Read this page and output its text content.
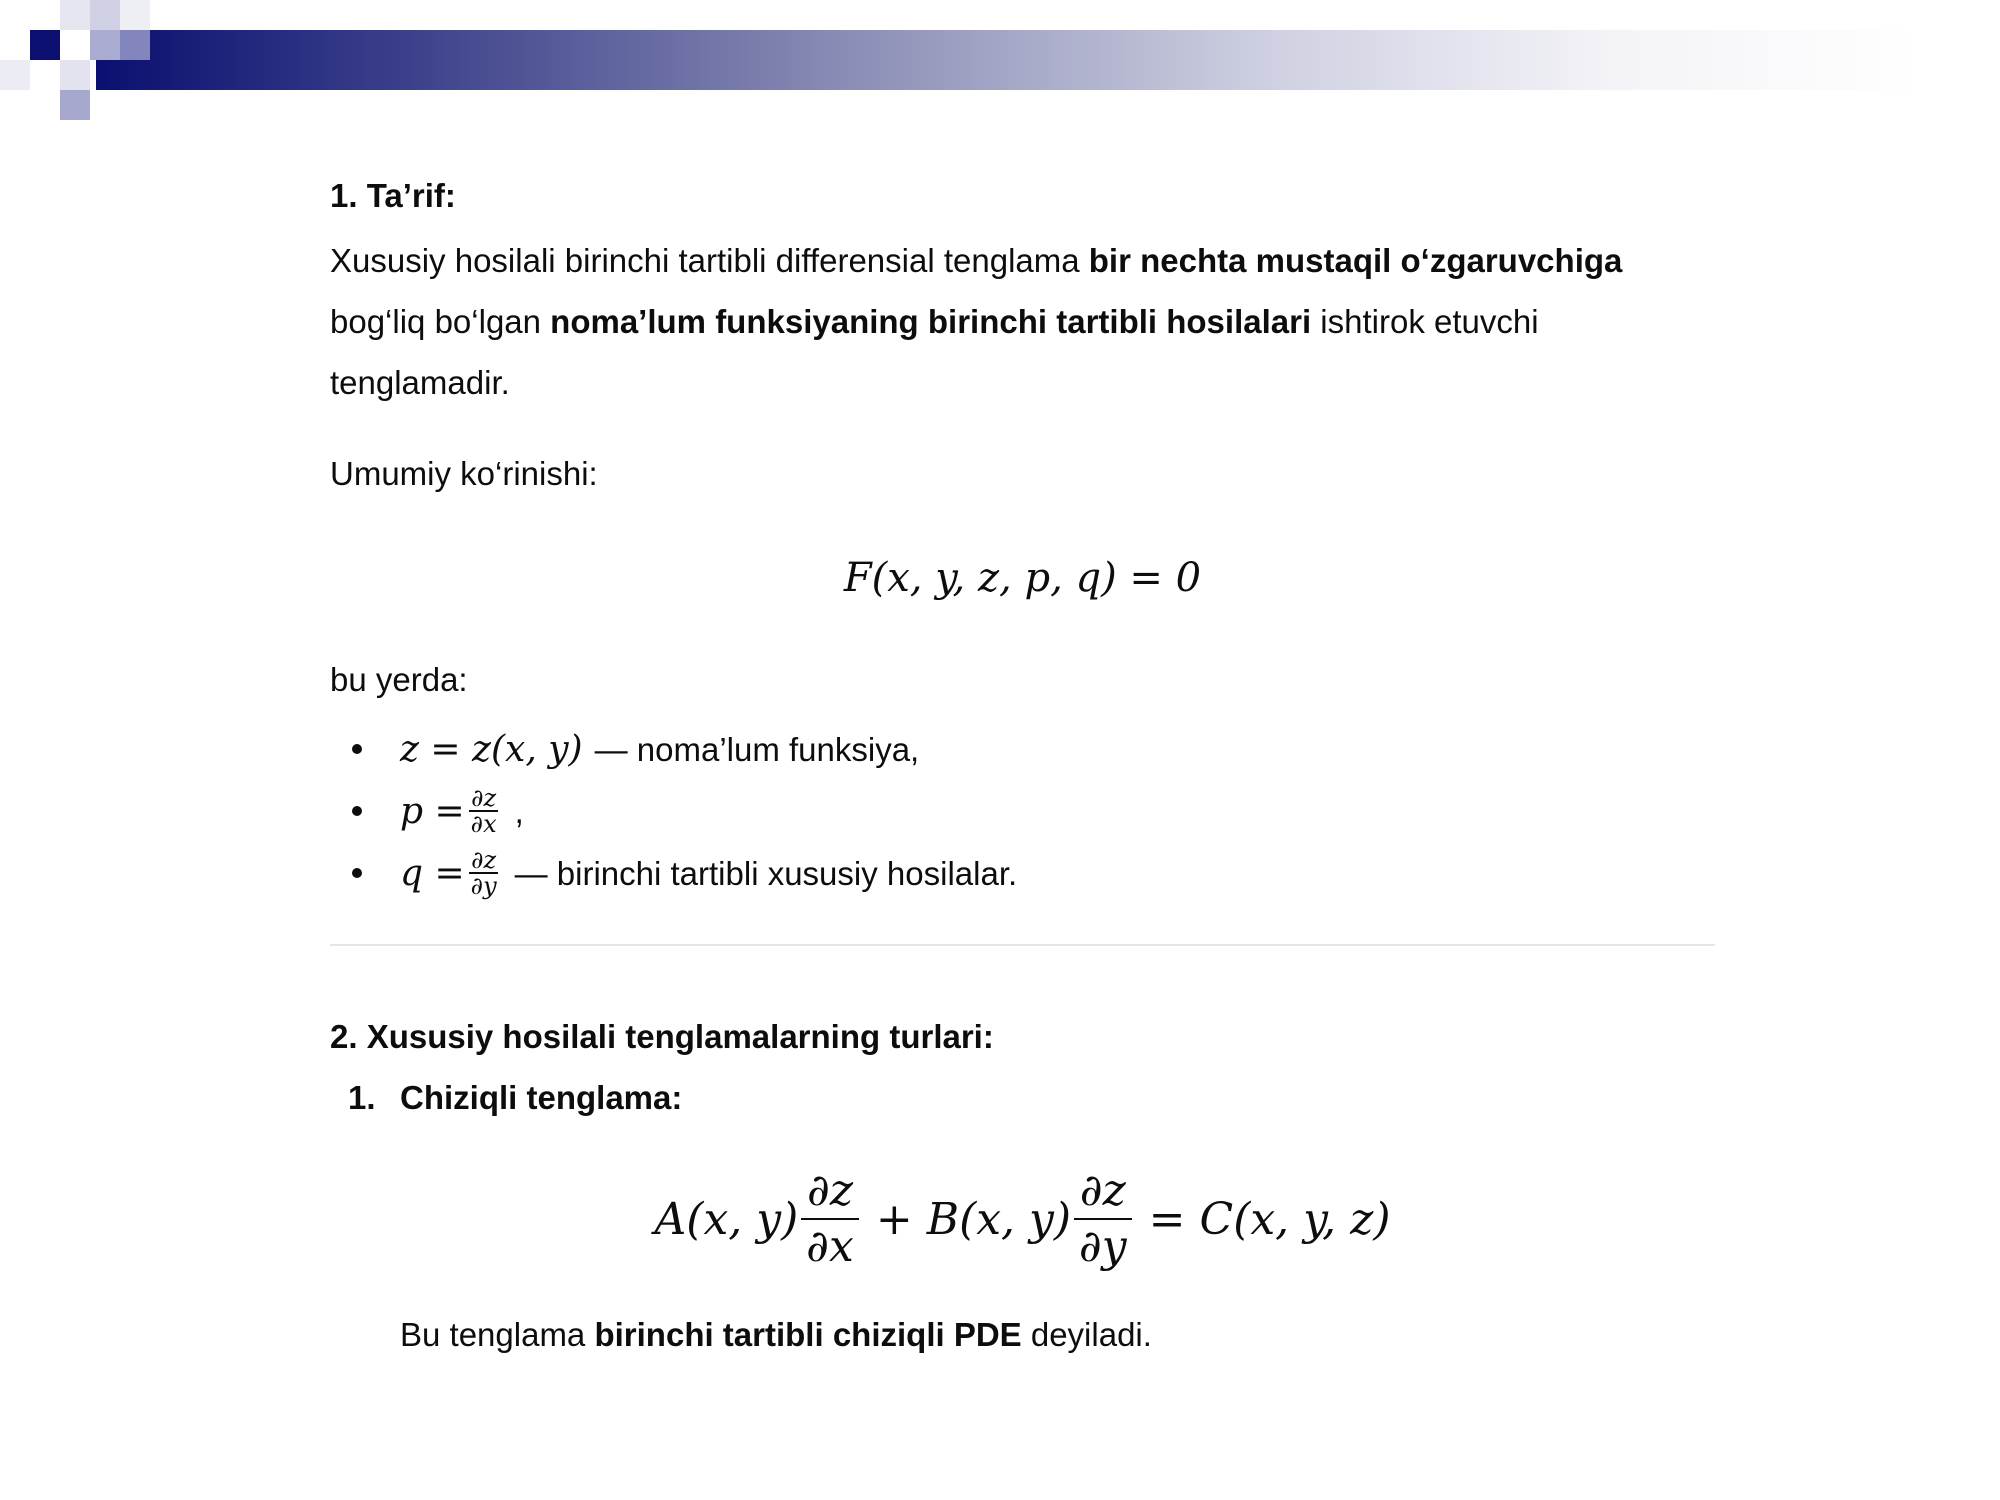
1. Ta’rif:

Xususiy hosilali birinchi tartibli differensial tenglama bir nechta mustaqil o‘zgaruvchiga bog‘liq bo‘lgan noma’lum funksiyaning birinchi tartibli hosilalari ishtirok etuvchi tenglamadir.

Umumiy ko‘rinishi:

F(x, y, z, p, q) = 0

bu yerda:

z = z(x, y) — noma’lum funksiya,
$p = \frac{\partial z}{\partial x}$ ,
$q = \frac{\partial z}{\partial y}$ — birinchi tartibli xususiy hosilalar.

2. Xususiy hosilali tenglamalarning turlari:

1. Chiziqli tenglama:

A(x, $y) \frac{\partial z}{\partial x} + B(x$, $y) \frac{\partial z}{\partial y} = C(x$, y, z)

Bu tenglama birinchi tartibli chiziqli PDE deyiladi.
